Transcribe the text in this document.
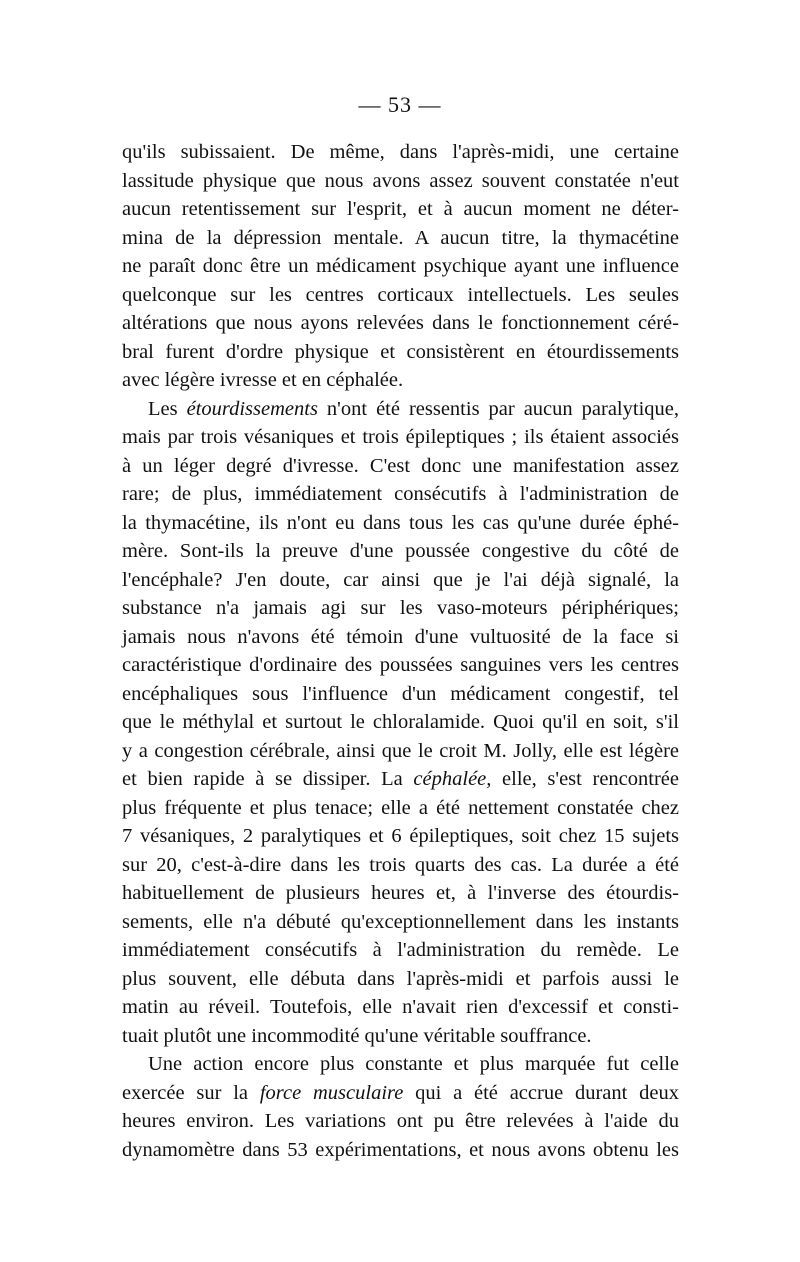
— 53 —
qu'ils subissaient. De même, dans l'après-midi, une certaine
lassitude physique que nous avons assez souvent constatée n'eut
aucun retentissement sur l'esprit, et à aucun moment ne déter-
mina de la dépression mentale. A aucun titre, la thymacétine
ne paraît donc être un médicament psychique ayant une influence
quelconque sur les centres corticaux intellectuels. Les seules
altérations que nous ayons relevées dans le fonctionnement céré-
bral furent d'ordre physique et consistèrent en étourdissements
avec légère ivresse et en céphalée.
Les étourdissements n'ont été ressentis par aucun paralytique,
mais par trois vésaniques et trois épileptiques ; ils étaient associés
à un léger degré d'ivresse. C'est donc une manifestation assez
rare; de plus, immédiatement consécutifs à l'administration de
la thymacétine, ils n'ont eu dans tous les cas qu'une durée éphé-
mère. Sont-ils la preuve d'une poussée congestive du côté de
l'encéphale? J'en doute, car ainsi que je l'ai déjà signalé, la
substance n'a jamais agi sur les vaso-moteurs périphériques;
jamais nous n'avons été témoin d'une vultuosité de la face si
caractéristique d'ordinaire des poussées sanguines vers les centres
encéphaliques sous l'influence d'un médicament congestif, tel
que le méthylal et surtout le chloralamide. Quoi qu'il en soit, s'il
y a congestion cérébrale, ainsi que le croit M. Jolly, elle est légère
et bien rapide à se dissiper. La céphalée, elle, s'est rencontrée
plus fréquente et plus tenace; elle a été nettement constatée chez
7 vésaniques, 2 paralytiques et 6 épileptiques, soit chez 15 sujets
sur 20, c'est-à-dire dans les trois quarts des cas. La durée a été
habituellement de plusieurs heures et, à l'inverse des étourdis-
sements, elle n'a débuté qu'exceptionnellement dans les instants
immédiatement consécutifs à l'administration du remède. Le
plus souvent, elle débuta dans l'après-midi et parfois aussi le
matin au réveil. Toutefois, elle n'avait rien d'excessif et consti-
tuait plutôt une incommodité qu'une véritable souffrance.
Une action encore plus constante et plus marquée fut celle
exercée sur la force musculaire qui a été accrue durant deux
heures environ. Les variations ont pu être relevées à l'aide du
dynamomètre dans 53 expérimentations, et nous avons obtenu les
